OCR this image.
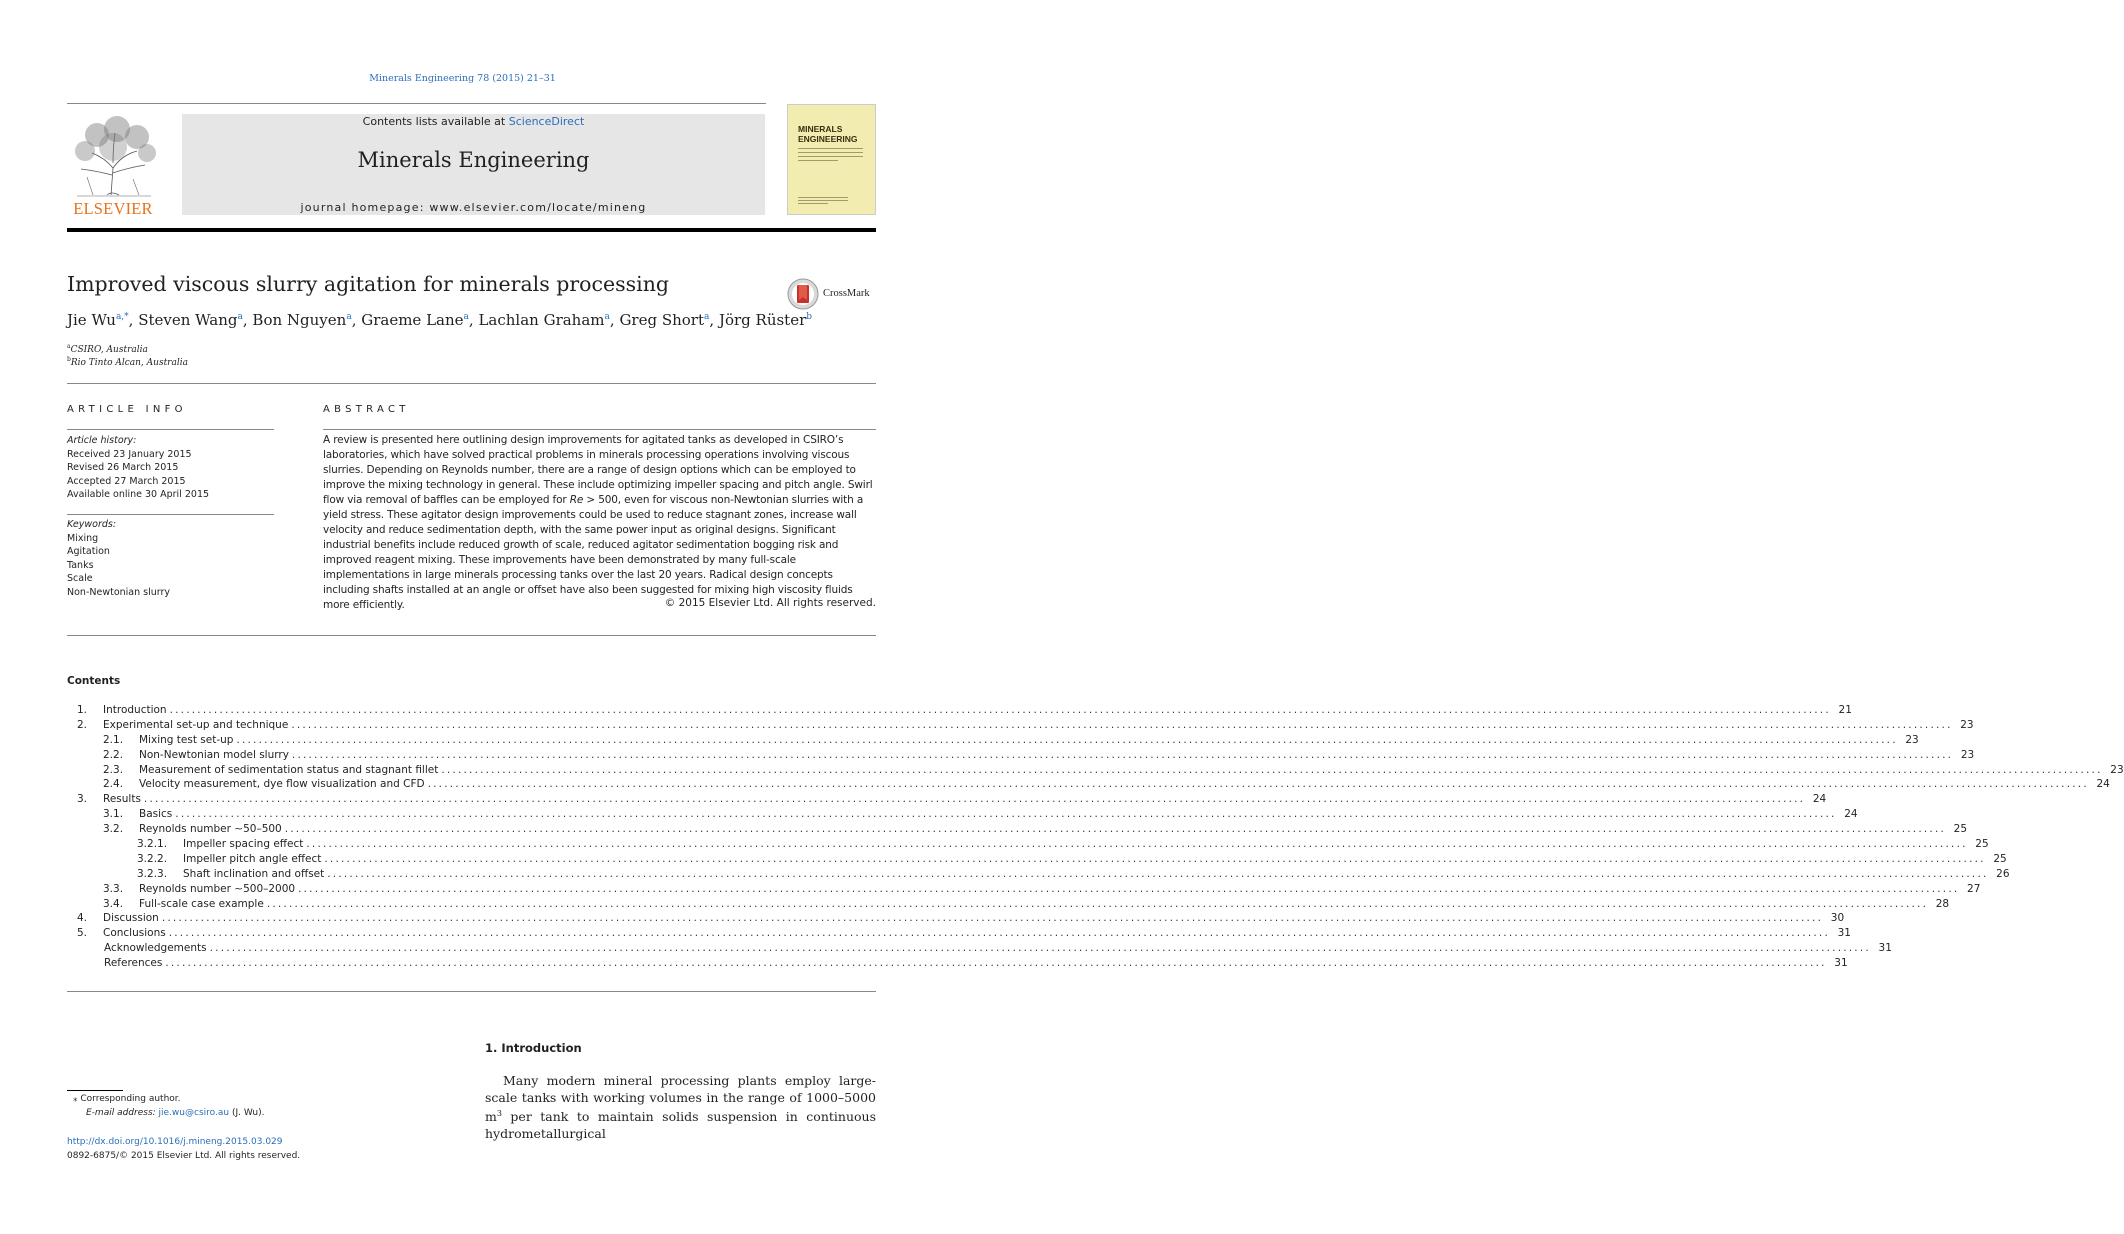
Minerals Engineering 78 (2015) 21–31
ELSEVIER
Contents lists available at ScienceDirect
Minerals Engineering
journal homepage: www.elsevier.com/locate/mineng
MINERALS ENGINEERING
Improved viscous slurry agitation for minerals processing	CrossMark
Jie $Wu^{a,*}$, Steven Wang$^a$, Bon Nguyen$^a$, Graeme Lane$^a$, Lachlan Graham$^a$, Greg Short$^a$, Jörg Rüster$^b$
$^a$CSIRO, Australia
$^b$Rio Tinto Alcan, Australia
ARTICLE INFO
Article history:
Received 23 January 2015
Revised 26 March 2015
Accepted 27 March 2015
Available online 30 April 2015
Keywords:
Mixing
Agitation
Tanks
Scale
Non-Newtonian slurry
ABSTRACT
A review is presented here outlining design improvements for agitated tanks as developed in CSIRO’s laboratories, which have solved practical problems in minerals processing operations involving viscous slurries. Depending on Reynolds number, there are a range of design options which can be employed to improve the mixing technology in general. These include optimizing impeller spacing and pitch angle. Swirl flow via removal of baffles can be employed for Re > 500, even for viscous non-Newtonian slurries with a yield stress. These agitator design improvements could be used to reduce stagnant zones, increase wall velocity and reduce sedimentation depth, with the same power input as original designs. Significant industrial benefits include reduced growth of scale, reduced agitator sedimentation bogging risk and improved reagent mixing. These improvements have been demonstrated by many full-scale implementations in large minerals processing tanks over the last 20 years. Radical design concepts including shafts installed at an angle or offset have also been suggested for mixing high viscosity fluids more efficiently.	© 2015 Elsevier Ltd. All rights reserved.
Contents
1.	Introduction ............................................................................................................................................................................................................................................................................................................ 21
2.	Experimental set-up and technique ............................................................................................................................................................................................................................................................................................................ 23
2.1.	Mixing test set-up ............................................................................................................................................................................................................................................................................................................ 23
2.2.	Non-Newtonian model slurry ............................................................................................................................................................................................................................................................................................................ 23
2.3.	Measurement of sedimentation status and stagnant fillet ............................................................................................................................................................................................................................................................................................................ 23
2.4.	Velocity measurement, dye flow visualization and CFD ............................................................................................................................................................................................................................................................................................................ 24
3.	Results ............................................................................................................................................................................................................................................................................................................ 24
3.1.	Basics ............................................................................................................................................................................................................................................................................................................ 24
3.2.	Reynolds number ∼50–500 ............................................................................................................................................................................................................................................................................................................ 25
3.2.1.	Impeller spacing effect ............................................................................................................................................................................................................................................................................................................ 25
3.2.2.	Impeller pitch angle effect ............................................................................................................................................................................................................................................................................................................ 25
3.2.3.	Shaft inclination and offset ............................................................................................................................................................................................................................................................................................................ 26
3.3.	Reynolds number ∼500–2000 ............................................................................................................................................................................................................................................................................................................ 27
3.4.	Full-scale case example ............................................................................................................................................................................................................................................................................................................ 28
4.	Discussion ............................................................................................................................................................................................................................................................................................................ 30
5.	Conclusions ............................................................................................................................................................................................................................................................................................................ 31
Acknowledgements ............................................................................................................................................................................................................................................................................................................ 31
References ............................................................................................................................................................................................................................................................................................................ 31
1. Introduction
Many modern mineral processing plants employ large-scale tanks with working volumes in the range of 1000–5000 $m^3$ per tank to maintain solids suspension in continuous hydrometallurgical
⁎ Corresponding author.
E-mail address: jie.wu@csiro.au (J. Wu).
http://dx.doi.org/10.1016/j.mineng.2015.03.029
0892-6875/© 2015 Elsevier Ltd. All rights reserved.
